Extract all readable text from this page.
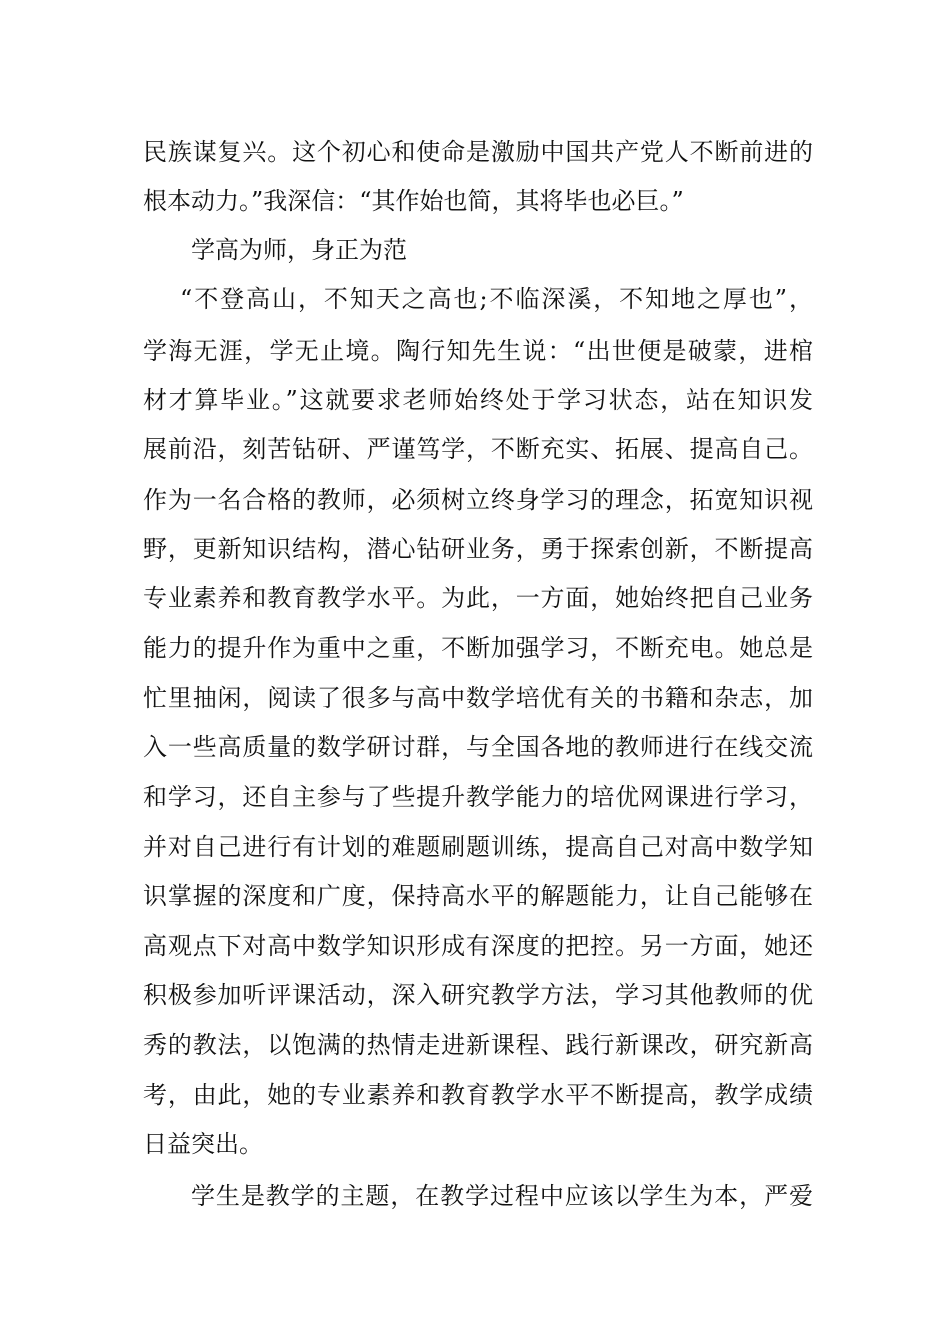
民族谋复兴。这个初心和使命是激励中国共产党人不断前进的
根本动力。”我深信：“其作始也简，其将毕也必巨。”
学高为师，身正为范
“不登高山，不知天之高也;不临深溪，不知地之厚也”，
学海无涯，学无止境。陶行知先生说：“出世便是破蒙，进棺
材才算毕业。”这就要求老师始终处于学习状态，站在知识发
展前沿，刻苦钻研、严谨笃学，不断充实、拓展、提高自己。
作为一名合格的教师，必须树立终身学习的理念，拓宽知识视
野，更新知识结构，潜心钻研业务，勇于探索创新，不断提高
专业素养和教育教学水平。为此，一方面，她始终把自己业务
能力的提升作为重中之重，不断加强学习，不断充电。她总是
忙里抽闲，阅读了很多与高中数学培优有关的书籍和杂志，加
入一些高质量的数学研讨群，与全国各地的教师进行在线交流
和学习，还自主参与了些提升教学能力的培优网课进行学习，
并对自己进行有计划的难题刷题训练，提高自己对高中数学知
识掌握的深度和广度，保持高水平的解题能力，让自己能够在
高观点下对高中数学知识形成有深度的把控。另一方面，她还
积极参加听评课活动，深入研究教学方法，学习其他教师的优
秀的教法，以饱满的热情走进新课程、践行新课改，研究新高
考，由此，她的专业素养和教育教学水平不断提高，教学成绩
日益突出。
学生是教学的主题，在教学过程中应该以学生为本，严爱
